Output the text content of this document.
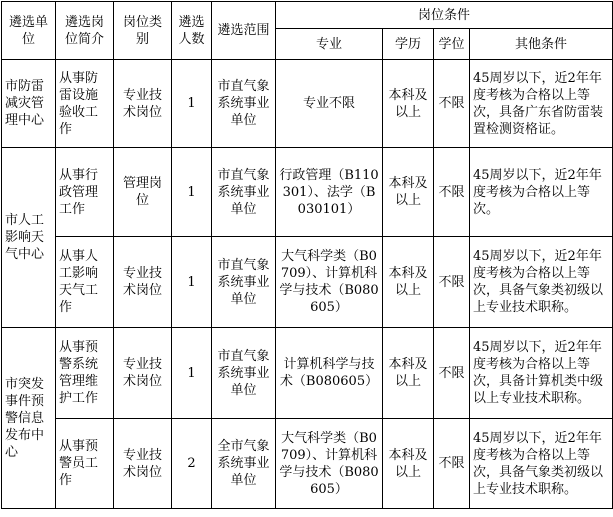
遴选单位	遴选岗位简介	岗位类别	遴选人数	遴选范围	岗位条件			
					专业	学历	学位	其他条件
市防雷减灾管理中心	从事防雷设施验收工作	专业技术岗位	1	市直气象系统事业单位	专业不限	本科及以上	不限	45周岁以下，近2年年度考核为合格以上等次，具备广东省防雷装置检测资格证。
市人工影响天气中心	从事行政管理工作	管理岗位	1	市直气象系统事业单位	行政管理（B110301）、法学（B030101）	本科及以上	不限	45周岁以下，近2年年度考核为合格以上等次。
	从事人工影响天气工作	专业技术岗位	1	市直气象系统事业单位	大气科学类（B0709）、计算机科学与技术（B080605）	本科及以上	不限	45周岁以下，近2年年度考核为合格以上等次，具备气象类初级以上专业技术职称。
市突发事件预警信息发布中心	从事预警系统管理维护工作	专业技术岗位	1	市直气象系统事业单位	计算机科学与技术（B080605）	本科及以上	不限	45周岁以下，近2年年度考核为合格以上等次，具备计算机类中级以上专业技术职称。
	从事预警员工作	专业技术岗位	2	全市气象系统事业单位	大气科学类（B0709）、计算机科学与技术（B080605）	本科及以上	不限	45周岁以下，近2年年度考核为合格以上等次，具备气象类初级以上专业技术职称。
